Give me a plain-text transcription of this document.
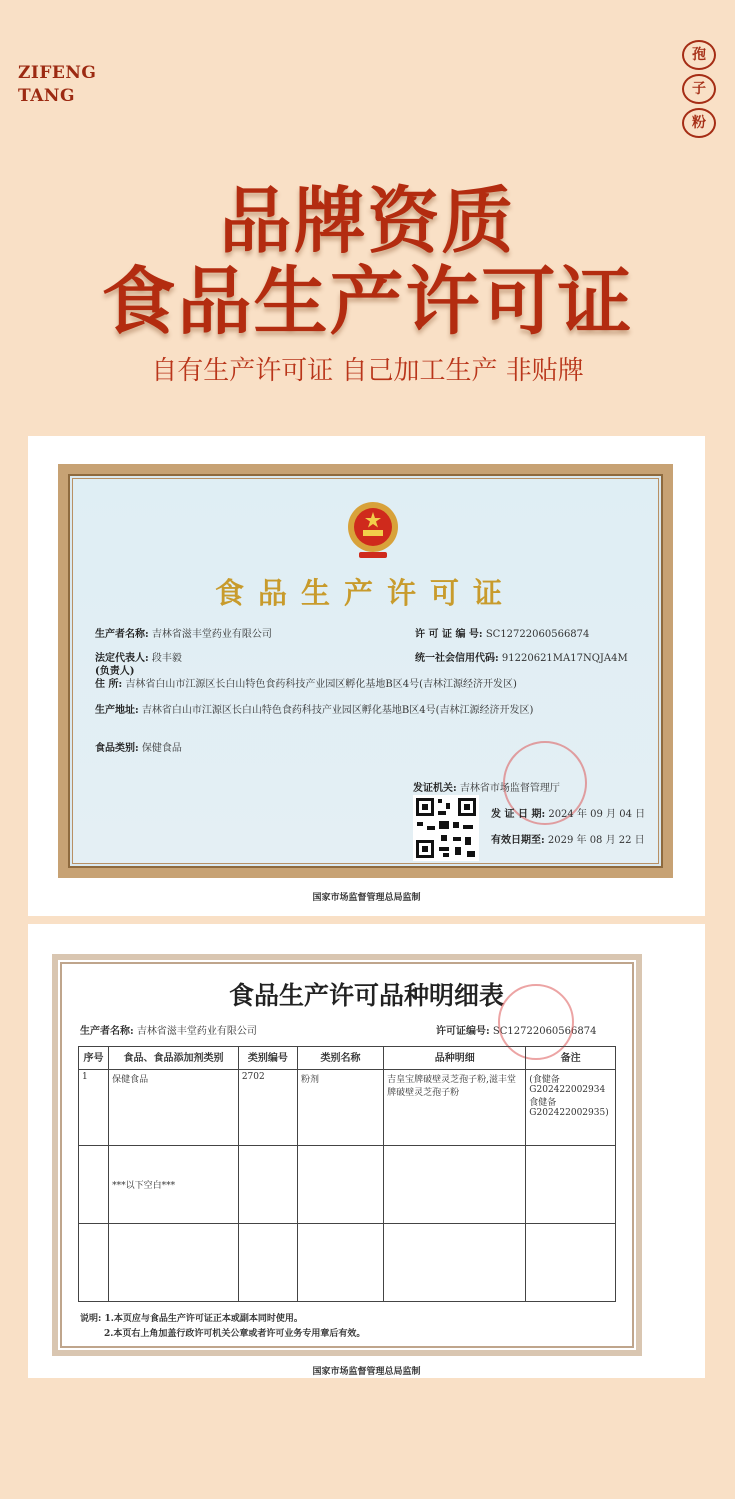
ZIFENG
TANG
孢
子
粉
品牌资质
食品生产许可证
自有生产许可证 自己加工生产 非贴牌
食品生产许可证
生产者名称: 吉林省滋丰堂药业有限公司	许 可 证 编 号: SC12722060566874
法定代表人: 段丰毅
(负责人)
统一社会信用代码: 91220621MA17NQJA4M
住 所: 吉林省白山市江源区长白山特色食药科技产业园区孵化基地B区4号(吉林江源经济开发区)
生产地址: 吉林省白山市江源区长白山特色食药科技产业园区孵化基地B区4号(吉林江源经济开发区)
食品类别: 保健食品
发证机关: 吉林省市场监督管理厅
发 证 日 期: 2024 年 09 月 04 日
有效日期至: 2029 年 08 月 22 日
国家市场监督管理总局监制
食品生产许可品种明细表
生产者名称: 吉林省滋丰堂药业有限公司	许可证编号: SC12722060566874
序号	食品、食品添加剂类别	类别编号	类别名称	品种明细	备注
1	保健食品	2702	粉剂	吉皇宝牌破壁灵芝孢子粉,滋丰堂牌破壁灵芝孢子粉	(食健备G202422002934食健备G202422002935)
	***以下空白***				

说明: 1.本页应与食品生产许可证正本或副本同时使用。
2.本页右上角加盖行政许可机关公章或者许可业务专用章后有效。
国家市场监督管理总局监制
